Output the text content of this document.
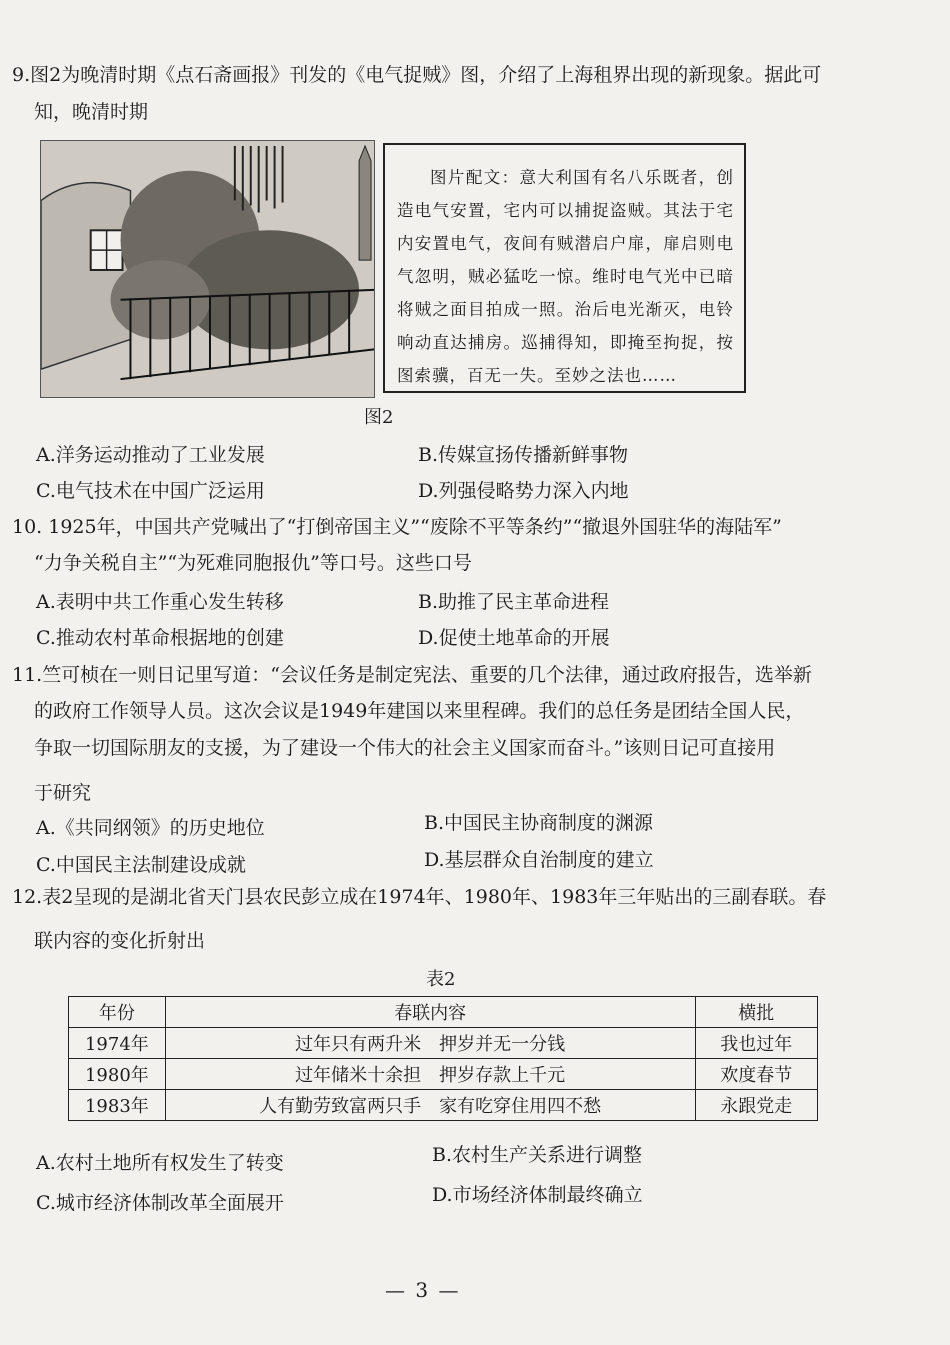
9.图2为晚清时期《点石斋画报》刊发的《电气捉贼》图，介绍了上海租界出现的新现象。据此可
知，晚清时期
图片配文：意大利国有名八乐既者，创造电气安置，宅内可以捕捉盗贼。其法于宅内安置电气，夜间有贼潜启户扉，扉启则电气忽明，贼必猛吃一惊。维时电气光中已暗将贼之面目拍成一照。治后电光渐灭，电铃响动直达捕房。巡捕得知，即掩至拘捉，按图索骥，百无一失。至妙之法也……
图2
A.洋务运动推动了工业发展	B.传媒宣扬传播新鲜事物
C.电气技术在中国广泛运用	D.列强侵略势力深入内地
10. 1925年，中国共产党喊出了“打倒帝国主义”“废除不平等条约”“撤退外国驻华的海陆军”
“力争关税自主”“为死难同胞报仇”等口号。这些口号
A.表明中共工作重心发生转移	B.助推了民主革命进程
C.推动农村革命根据地的创建	D.促使土地革命的开展
11.竺可桢在一则日记里写道：“会议任务是制定宪法、重要的几个法律，通过政府报告，选举新
的政府工作领导人员。这次会议是1949年建国以来里程碑。我们的总任务是团结全国人民，
争取一切国际朋友的支援，为了建设一个伟大的社会主义国家而奋斗。”该则日记可直接用
于研究
A.《共同纲领》的历史地位	B.中国民主协商制度的渊源
C.中国民主法制建设成就	D.基层群众自治制度的建立
12.表2呈现的是湖北省天门县农民彭立成在1974年、1980年、1983年三年贴出的三副春联。春
联内容的变化折射出
表2
年份	春联内容	横批
1974年	过年只有两升米　押岁并无一分钱	我也过年
1980年	过年储米十余担　押岁存款上千元	欢度春节
1983年	人有勤劳致富两只手　家有吃穿住用四不愁	永跟党走
A.农村土地所有权发生了转变	B.农村生产关系进行调整
C.城市经济体制改革全面展开	D.市场经济体制最终确立
— 3 —
